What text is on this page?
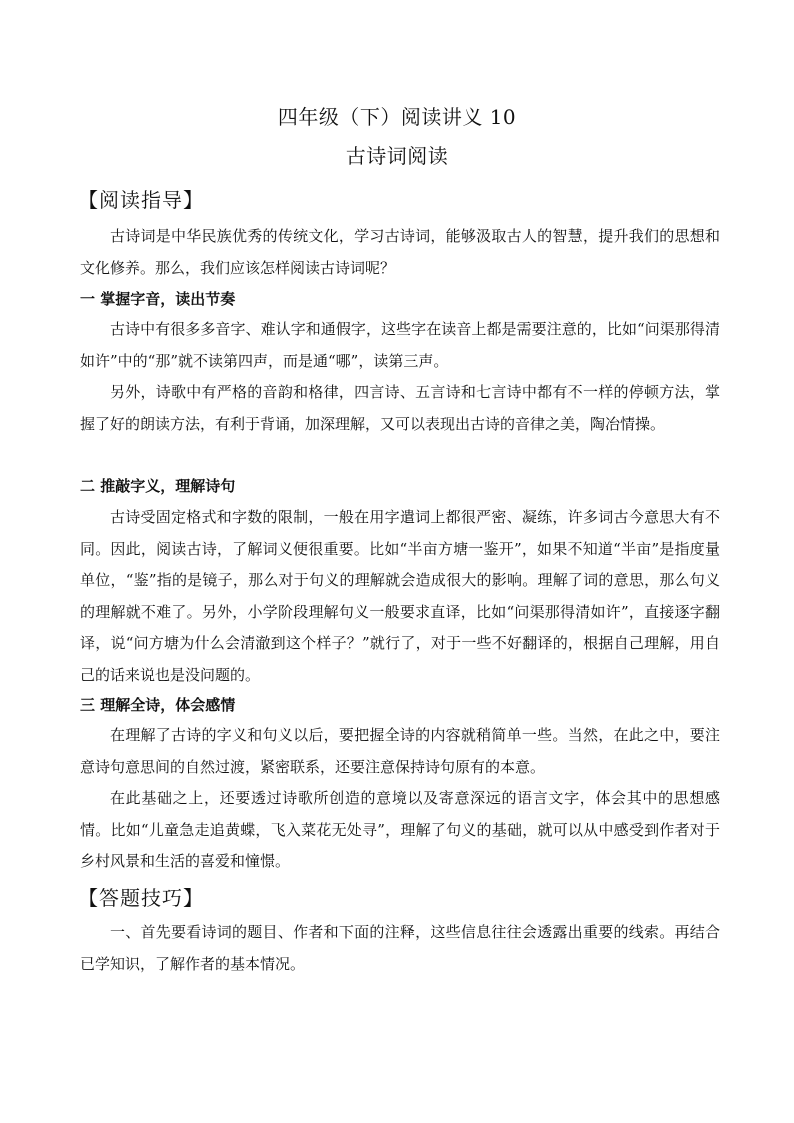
四年级（下）阅读讲义 10
古诗词阅读
【阅读指导】

古诗词是中华民族优秀的传统文化，学习古诗词，能够汲取古人的智慧，提升我们的思想和文化修养。那么，我们应该怎样阅读古诗词呢？

一 掌握字音，读出节奏

古诗中有很多多音字、难认字和通假字，这些字在读音上都是需要注意的，比如“问渠那得清如许”中的“那”就不读第四声，而是通“哪”，读第三声。

另外，诗歌中有严格的音韵和格律，四言诗、五言诗和七言诗中都有不一样的停顿方法，掌握了好的朗读方法，有利于背诵，加深理解，又可以表现出古诗的音律之美，陶冶情操。

二 推敲字义，理解诗句

古诗受固定格式和字数的限制，一般在用字遣词上都很严密、凝练，许多词古今意思大有不同。因此，阅读古诗，了解词义便很重要。比如“半亩方塘一鉴开”，如果不知道“半亩”是指度量单位，“鉴”指的是镜子，那么对于句义的理解就会造成很大的影响。理解了词的意思，那么句义的理解就不难了。另外，小学阶段理解句义一般要求直译，比如“问渠那得清如许”，直接逐字翻译，说“问方塘为什么会清澈到这个样子？”就行了，对于一些不好翻译的，根据自己理解，用自己的话来说也是没问题的。

三 理解全诗，体会感情

在理解了古诗的字义和句义以后，要把握全诗的内容就稍简单一些。当然，在此之中，要注意诗句意思间的自然过渡，紧密联系，还要注意保持诗句原有的本意。

在此基础之上，还要透过诗歌所创造的意境以及寄意深远的语言文字，体会其中的思想感情。比如“儿童急走追黄蝶，飞入菜花无处寻”，理解了句义的基础，就可以从中感受到作者对于乡村风景和生活的喜爱和憧憬。

【答题技巧】

一、首先要看诗词的题目、作者和下面的注释，这些信息往往会透露出重要的线索。再结合已学知识，了解作者的基本情况。
